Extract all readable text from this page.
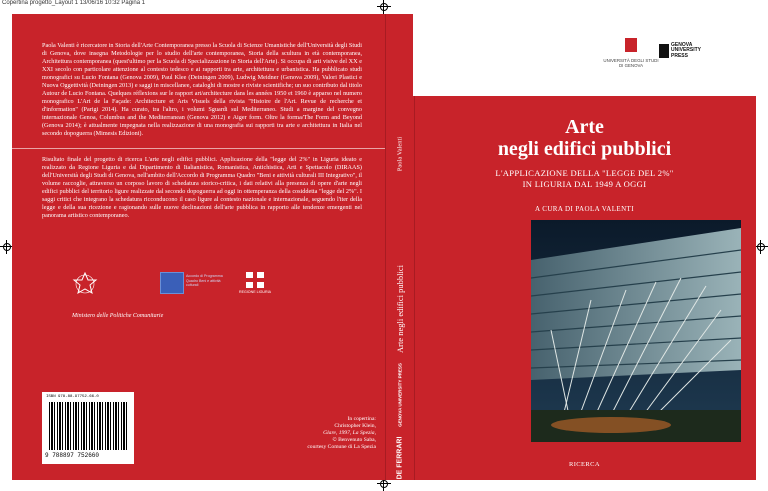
Copertina progetto_Layout 1 13/06/16 10:32 Pagina 1

Paola Valenti è ricercatore in Storia dell'Arte Contemporanea presso la Scuola di Scienze Umanistiche dell'Università degli Studi di Genova, dove insegna Metodologie per lo studio dell'arte contemporanea, Storia della scultura in età contemporanea, Architettura contemporanea (quest'ultimo per la Scuola di Specializzazione in Storia dell'Arte). Si occupa di arti visive del XX e XXI secolo con particolare attenzione al contesto tedesco e ai rapporti tra arte, architettura e urbanistica. Ha pubblicato studi monografici su Lucio Fontana (Genova 2009), Paul Klee (Deiningen 2009), Ludwig Meidner (Genova 2009), Valori Plastici e Nuova Oggettività (Deiningen 2013) e saggi in miscellanee, cataloghi di mostre e riviste scientifiche; un suo contributo dal titolo Autour de Lucio Fontana. Quelques réflexions sur le rapport art/architecture dans les années 1950 et 1960 è apparso nel numero monografico L'Art de la Façade: Architecture et Arts Visuels della rivista "Histoire de l'Art. Revue de recherche et d'information" (Parigi 2014). Ha curato, tra l'altro, i volumi Sguardi sul Mediterraneo. Studi a margine del convegno internazionale Genoa, Columbus and the Mediterranean (Genova 2012) e Aiger form. Oltre la forma/The Form and Beyond (Genova 2014); è attualmente impegnata nella realizzazione di una monografia sui rapporti tra arte e architettura in Italia nel secondo dopoguerra (Mimesis Edizioni).

Risultato finale del progetto di ricerca L'arte negli edifici pubblici. Applicazione della "legge del 2%" in Liguria ideato e realizzato da Regione Liguria e dal Dipartimento di Italianistica, Romanistica, Antichistica, Arti e Spettacolo (DIRAAS) dell'Università degli Studi di Genova, nell'ambito dell'Accordo di Programma Quadro "Beni e attività culturali III Integrativo", il volume raccoglie, attraverso un corposo lavoro di schedatura storico-critica, i dati relativi alla presenza di opere d'arte negli edifici pubblici del territorio ligure realizzate dal secondo dopoguerra ad oggi in ottemperanza della cosiddetta "legge del 2%". I saggi critici che integrano la schedatura ricconducono il caso ligure al contesto nazionale e internazionale, seguendo l'iter della legge e della sua ricezione e ragionando sulle nuove declinazioni dell'arte pubblica in rapporto alle tendenze emergenti nel panorama artistico contemporaneo.

Ministero delle Politiche Comunitarie
Accordo di Programma Quadro Beni e attività culturali
REGIONE LIGURIA
ISBN 978-88-97752-66-0
9 788897 752660

In copertina:
Christopher Klein,
Glare, 1997, La Spezia,
© Benvenuto Saba,
courtesy Comune di La Spezia

Paola Valenti
Arte negli edifici pubblici
GENOVA UNIVERSITY PRESS
DE FERRARI
UNIVERSITÀ DEGLI STUDI DI GENOVA
GENOVA
UNIVERSITY
PRESS
Arte
negli edifici pubblici
L'APPLICAZIONE DELLA "LEGGE DEL 2%"
IN LIGURIA DAL 1949 A OGGI
A CURA DI PAOLA VALENTI
RICERCA
